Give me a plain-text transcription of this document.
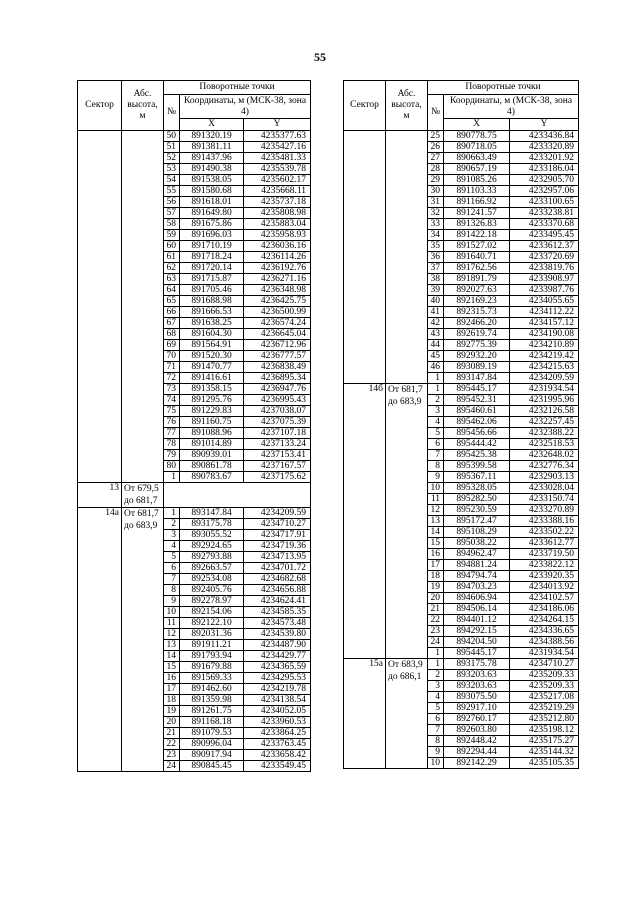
55
Сектор	Абс. высота, м	Поворотные точки		
		№	Координаты, м (МСК-38, зона 4)	
			X	Y
		50	891320.19	4235377.63
		51	891381.11	4235427.16
		52	891437.96	4235481.33
		53	891490.38	4235539.78
		54	891538.05	4235602.17
		55	891580.68	4235668.11
		56	891618.01	4235737.18
		57	891649.80	4235808.98
		58	891675.86	4235883.04
		59	891696.03	4235958.93
		60	891710.19	4236036.16
		61	891718.24	4236114.26
		62	891720.14	4236192.76
		63	891715.87	4236271.16
		64	891705.46	4236348.98
		65	891688.98	4236425.75
		66	891666.53	4236500.99
		67	891638.25	4236574.24
		68	891604.30	4236645.04
		69	891564.91	4236712.96
		70	891520.30	4236777.57
		71	891470.77	4236838.49
		72	891416.61	4236895.34
		73	891358.15	4236947.76
		74	891295.76	4236995.43
		75	891229.83	4237038.07
		76	891160.75	4237075.39
		77	891088.96	4237107.18
		78	891014.89	4237133.24
		79	890939.01	4237153.41
		80	890861.78	4237167.57
		1	890783.67	4237175.62
13	От 679,5 до 681,7			
14а	От 681,7 до 683,9	1	893147.84	4234209.59
		2	893175.78	4234710.27
		3	893055.52	4234717.91
		4	892924.65	4234719.36
		5	892793.88	4234713.95
		6	892663.57	4234701.72
		7	892534.08	4234682.68
		8	892405.76	4234656.88
		9	892278.97	4234624.41
		10	892154.06	4234585.35
		11	892122.10	4234573.48
		12	892031.36	4234539.80
		13	891911.21	4234487.90
		14	891793.94	4234429.77
		15	891679.88	4234365.59
		16	891569.33	4234295.53
		17	891462.60	4234219.78
		18	891359.98	4234138.54
		19	891261.75	4234052.05
		20	891168.18	4233960.53
		21	891079.53	4233864.25
		22	890996.04	4233763.45
		23	890917.94	4233658.42
		24	890845.45	4233549.45
Сектор	Абс. высота, м	Поворотные точки		
		№	Координаты, м (МСК-38, зона 4)	
			X	Y
		25	890778.75	4233436.84
		26	890718.05	4233320.89
		27	890663.49	4233201.92
		28	890657.19	4233186.04
		29	891085.26	4232905.70
		30	891103.33	4232957.06
		31	891166.92	4233100.65
		32	891241.57	4233238.81
		33	891326.83	4233370.68
		34	891422.18	4233495.45
		35	891527.02	4233612.37
		36	891640.71	4233720.69
		37	891762.56	4233819.76
		38	891891.79	4233908.97
		39	892027.63	4233987.76
		40	892169.23	4234055.65
		41	892315.73	4234112.22
		42	892466.20	4234157.12
		43	892619.74	4234190.08
		44	892775.39	4234210.89
		45	892932.20	4234219.42
		46	893089.19	4234215.63
		1	893147.84	4234209.59
14б	От 681,7 до 683,9	1	895445.17	4231934.54
		2	895452.31	4231995.96
		3	895460.61	4232126.58
		4	895462.06	4232257.45
		5	895456.66	4232388.22
		6	895444.42	4232518.53
		7	895425.38	4232648.02
		8	895399.58	4232776.34
		9	895367.11	4232903.13
		10	895328.05	4233028.04
		11	895282.50	4233150.74
		12	895230.59	4233270.89
		13	895172.47	4233388.16
		14	895108.29	4233502.22
		15	895038.22	4233612.77
		16	894962.47	4233719.50
		17	894881.24	4233822.12
		18	894794.74	4233920.35
		19	894703.23	4234013.92
		20	894606.94	4234102.57
		21	894506.14	4234186.06
		22	894401.12	4234264.15
		23	894292.15	4234336.65
		24	894204.50	4234388.56
		1	895445.17	4231934.54
15а	От 683,9 до 686,1	1	893175.78	4234710.27
		2	893203.63	4235209.33
		3	893203.63	4235209.33
		4	893075.50	4235217.08
		5	892917.10	4235219.29
		6	892760.17	4235212.80
		7	892603.80	4235198.12
		8	892448.42	4235175.27
		9	892294.44	4235144.32
		10	892142.29	4235105.35
